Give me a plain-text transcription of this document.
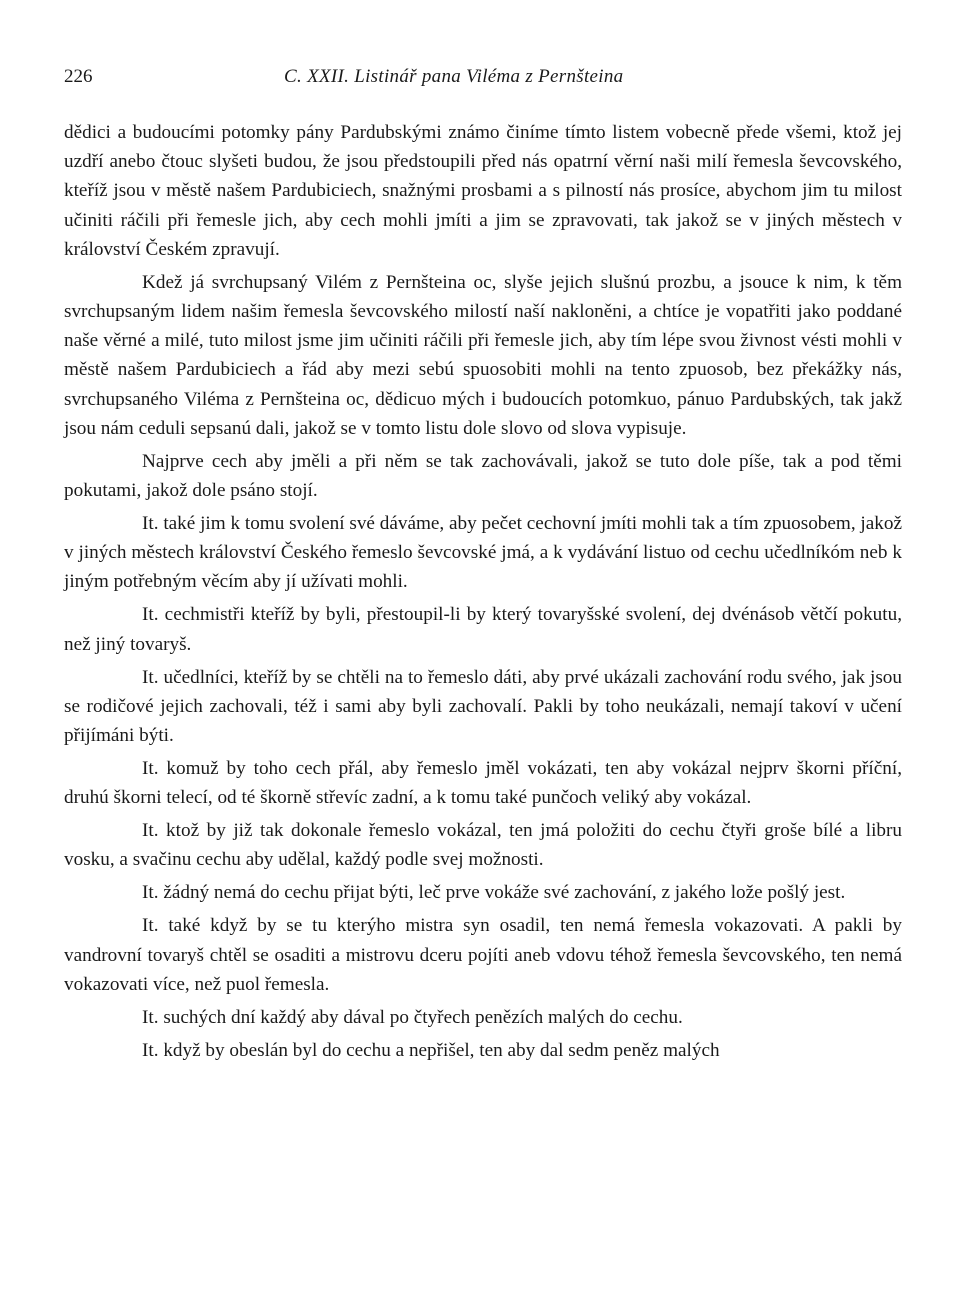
226	C. XXII. Listinář pana Viléma z Pernšteina

dědici a budoucími potomky pány Pardubskými známo činíme tímto listem vobecně přede všemi, ktož jej uzdří anebo čtouc slyšeti budou, že jsou předstoupili před nás opatrní věrní naši milí řemesla ševcovského, kteříž jsou v městě našem Pardubiciech, snažnými prosbami a s pilností nás prosíce, abychom jim tu milost učiniti ráčili při řemesle jich, aby cech mohli jmíti a jim se zpravovati, tak jakož se v jiných městech v království Českém zpravují.

Kdež já svrchupsaný Vilém z Pernšteina oc, slyše jejich slušnú prozbu, a jsouce k nim, k těm svrchupsaným lidem našim řemesla ševcovského milostí naší nakloněni, a chtíce je vopatřiti jako poddané naše věrné a milé, tuto milost jsme jim učiniti ráčili při řemesle jich, aby tím lépe svou živnost vésti mohli v městě našem Pardubiciech a řád aby mezi sebú spuosobiti mohli na tento zpuosob, bez překážky nás, svrchupsaného Viléma z Pernšteina oc, dědicuo mých i budoucích potomkuo, pánuo Pardubských, tak jakž jsou nám ceduli sepsanú dali, jakož se v tomto listu dole slovo od slova vypisuje.

Najprve cech aby jměli a při něm se tak zachovávali, jakož se tuto dole píše, tak a pod těmi pokutami, jakož dole psáno stojí.

It. také jim k tomu svolení své dáváme, aby pečet cechovní jmíti mohli tak a tím zpuosobem, jakož v jiných městech království Českého řemeslo ševcovské jmá, a k vydávání listuo od cechu učedlníkóm neb k jiným potřebným věcím aby jí užívati mohli.

It. cechmistři kteříž by byli, přestoupil-li by který tovaryšské svolení, dej dvénásob větčí pokutu, než jiný tovaryš.

It. učedlníci, kteříž by se chtěli na to řemeslo dáti, aby prvé ukázali zachování rodu svého, jak jsou se rodičové jejich zachovali, též i sami aby byli zachovalí. Pakli by toho neukázali, nemají takoví v učení přijímáni býti.

It. komuž by toho cech přál, aby řemeslo jměl vokázati, ten aby vokázal nejprv škorni příční, druhú škorni telecí, od té škorně střevíc zadní, a k tomu také punčoch veliký aby vokázal.

It. ktož by již tak dokonale řemeslo vokázal, ten jmá položiti do cechu čtyři groše bílé a libru vosku, a svačinu cechu aby udělal, každý podle svej možnosti.

It. žádný nemá do cechu přijat býti, leč prve vokáže své zachování, z jakého lože pošlý jest.

It. také když by se tu kterýho mistra syn osadil, ten nemá řemesla vokazovati. A pakli by vandrovní tovaryš chtěl se osaditi a mistrovu dceru pojíti aneb vdovu téhož řemesla ševcovského, ten nemá vokazovati více, než puol řemesla.

It. suchých dní každý aby dával po čtyřech penězích malých do cechu.

It. když by obeslán byl do cechu a nepřišel, ten aby dal sedm peněz malých
